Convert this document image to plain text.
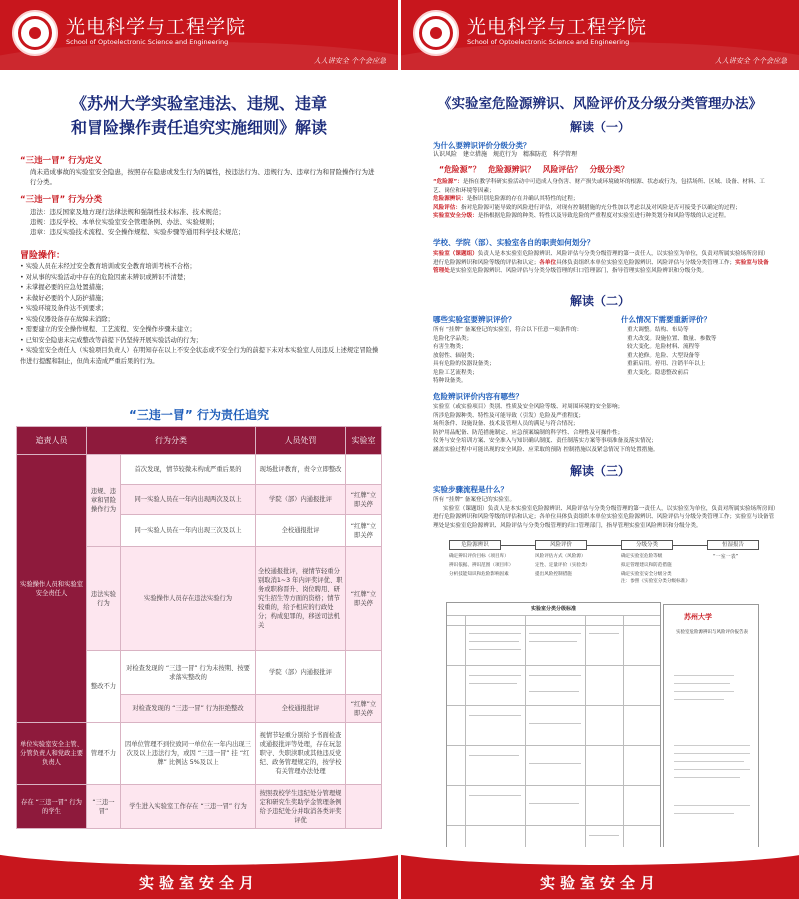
光电科学与工程学院
School of Optoelectronic Science and Engineering
人人讲安全 个个会应急
《苏州大学实验室违法、违规、违章
和冒险操作责任追究实施细则》解读
“三违一冒” 行为定义
尚未造成事故的实验室安全隐患，按照存在隐患或发生行为的属性，按违法行为、违规行为、违章行为和冒险操作行为进行分类。
“三违一冒” 行为分类
违法：违反国家及地方现行法律法规和强制性技术标准、技术规范；
违规：违反学校、本单位实验室安全管理条例、办法、实验规则；
违章：违反实验技术流程、安全操作规程、实验步骤等通用科学技术规范；
冒险操作：
• 实验人员在未经过安全教育培训或安全教育培训考核不合格；
• 对从事的实验活动中存在的危险因素未辨识或辨识不清楚；
• 未掌握必要的应急处置措施；
• 未做好必要的个人防护措施；
• 实验环境及条件达不到要求；
• 实验仪器设备存在故障未消除；
• 需要建立的安全操作规程、工艺流程、安全操作步骤未建立；
• 已知安全隐患未完成整改等前提下仍坚持开展实验活动的行为；
• 实验室安全责任人（实验项目负责人）在明知存在以上不安全状态或不安全行为的前提下未对本实验室人员违反上述规定冒险操作进行提醒和制止，但尚未造成严重后果的行为。
“三违一冒” 行为责任追究
追责人员	行为分类		人员处罚	实验室
实验操作人员和实验室安全责任人	违规、违章和冒险操作行为	首次发现，情节较微未构成严重后果的	现场批评教育，责令立即整改	
		同一实验人员在一年内出现两次及以上	学院（部）内通报批评	“红牌”立即关停
		同一实验人员在一年内出现三次及以上	全校通报批评	“红牌”立即关停
	违法实验行为	实验操作人员存在违法实验行为	全校通报批评，视情节轻重分别取消1~3 年内评奖评优、职务或职称晋升、岗位聘用、研究生招生等方面的资格；情节较重的，给予相应的行政处分；构成犯罪的，移送司法机关	“红牌”立即关停
	整改不力	对检查发现的 “三违一冒” 行为未按期、按要求落实整改的	学院（部）内通报批评	
		对检查发现的 “三违一冒” 行为拒绝整改	全校通报批评	“红牌”立即关停
单位实验室安全主管、分管负责人和党政主要负责人	管理不力	因单位管理不到位致同一单位在一年内出现三次及以上违法行为，或因 “三违一冒” 挂 “红牌” 比例达 5%及以上	视情节轻重分别给予书面检查或通报批评等处理，存在玩忽职守、失职渎职或其他违反党纪、政务管理规定的，按学校有关管理办法处理	
存在 “三违一冒” 行为的学生	“三违一冒”	学生进入实验室工作存在 “三违一冒” 行为	按照我校学生违纪处分管理规定和研究生奖助学金管理条例给予违纪处分并取消各类评奖评优	
实验室安全月
光电科学与工程学院
School of Optoelectronic Science and Engineering
人人讲安全 个个会应急
《实验室危险源辨识、风险评价及分级分类管理办法》
解读（一）
为什么要辨识评价分级分类？
认识风险　建立措施　规范行为　精准防范　科学管理
“危险源”？　危险源辨识？　风险评估？　分级分类？
“危险源”：是指在教学科研实验活动中可造成人身伤害、财产损失或环境破坏的根源、状态或行为，包括场所、区域、设备、材料、工艺、岗位和环境等因素；
危险源辨识：是指识别危险源的存在并确认其特性的过程；
风险评估：指对危险源可能导致的风险进行评估，对现有控制措施的充分性加以考虑以及对风险是否可接受予以确定的过程；
实验室安全分级：是指根据危险源的种类、特性以及导致危险的严重程度对实验室进行种类划分和风险等级的认定过程。
学校、学院（部）、实验室各自的职责如何划分？
实验室（课题组）负责人是本实验室危险源辨识、风险评估与分类分级管理的第一责任人，以实验室为单位，负责对所属实验场所房间）进行危险源辨识和风险等级的评估和认定；各单位具体负责组织本单位实验室危险源辨识、风险评估与分级分类管理工作；实验室与设备管理处是实验室危险源辨识、风险评估与分类分级管理的归口管理部门，指导管理实验室风险辨识和分级分类。
解读（二）
哪些实验室要辨识评价？
所有 “挂牌” 备案登记的实验室，符合以下任意一项条件的：
危险化学品类；
有害生物类；
放射性、辐射类；
具有危险的仪器设备类；
危险工艺流程类；
特种设备类。
什么情况下需要重新评价？
重大调整。结构、布局等
重大改变。设施位置、数量、参数等
较大变化。危险材料、流程等
重大抢修。危险、大型设备等
重新启用。停用、注销半年以上
重大变化。隐患整改前后
危险辨识评价内容有哪些？
实验室（或实验项目）类别、性质及安全风险等级、对周围环境的安全影响；
所涉危险源种类、特性及可能导致（引发）危险及严重程度；
场所条件、设施设备、技术及管理人员的满足与符合情况；
防护用品配备、防范措施制定、应急预案编制的科学性、合理性及可操作性；
仪务与安全培训方案、安全准入与知识确认制度、责任制落实方案等事项准备及落实情况；
涵盖实验过程中可能出现的安全风险、应采取的预防 控制措施以及紧急情况下的处置措施。
解读（三）
实验步骤流程是什么？
所有 “挂牌” 备案登记的实验室。
实验室（课题组）负责人是本实验室危险源辨识、风险评估与分类分级管理的第一责任人，以实验室为单位，负责对所属实验场所房间）进行危险源辨识和风险等级的评估和认定；各单位具体负责组织本单位实验室危险源辨识、风险评估与分级分类管理工作；实验室与设备管理处是实验室危险源辨识、风险评估与分类分级管理的归口管理部门，指导管理实验室风险辨识和分级分类。
危险源辨识	风险评价	分级分类	恒湿报告
确定辨识评价目标（项目库）
辨识依据、辨识范围（项目库）
分析技能知识和危险影响因素
风险评估方式（风险源）
定性、定量评价（实验类）
提出风险控制措施
确定实验室危险等级
拟定管理建议和防范措施
确定实验室安全分级分类
注：参照《实验室分类分级标准》
“一室一表”
实验室分类分级标准
苏州大学
实验室危险源辨识与风险评价报告表
实验室安全月
